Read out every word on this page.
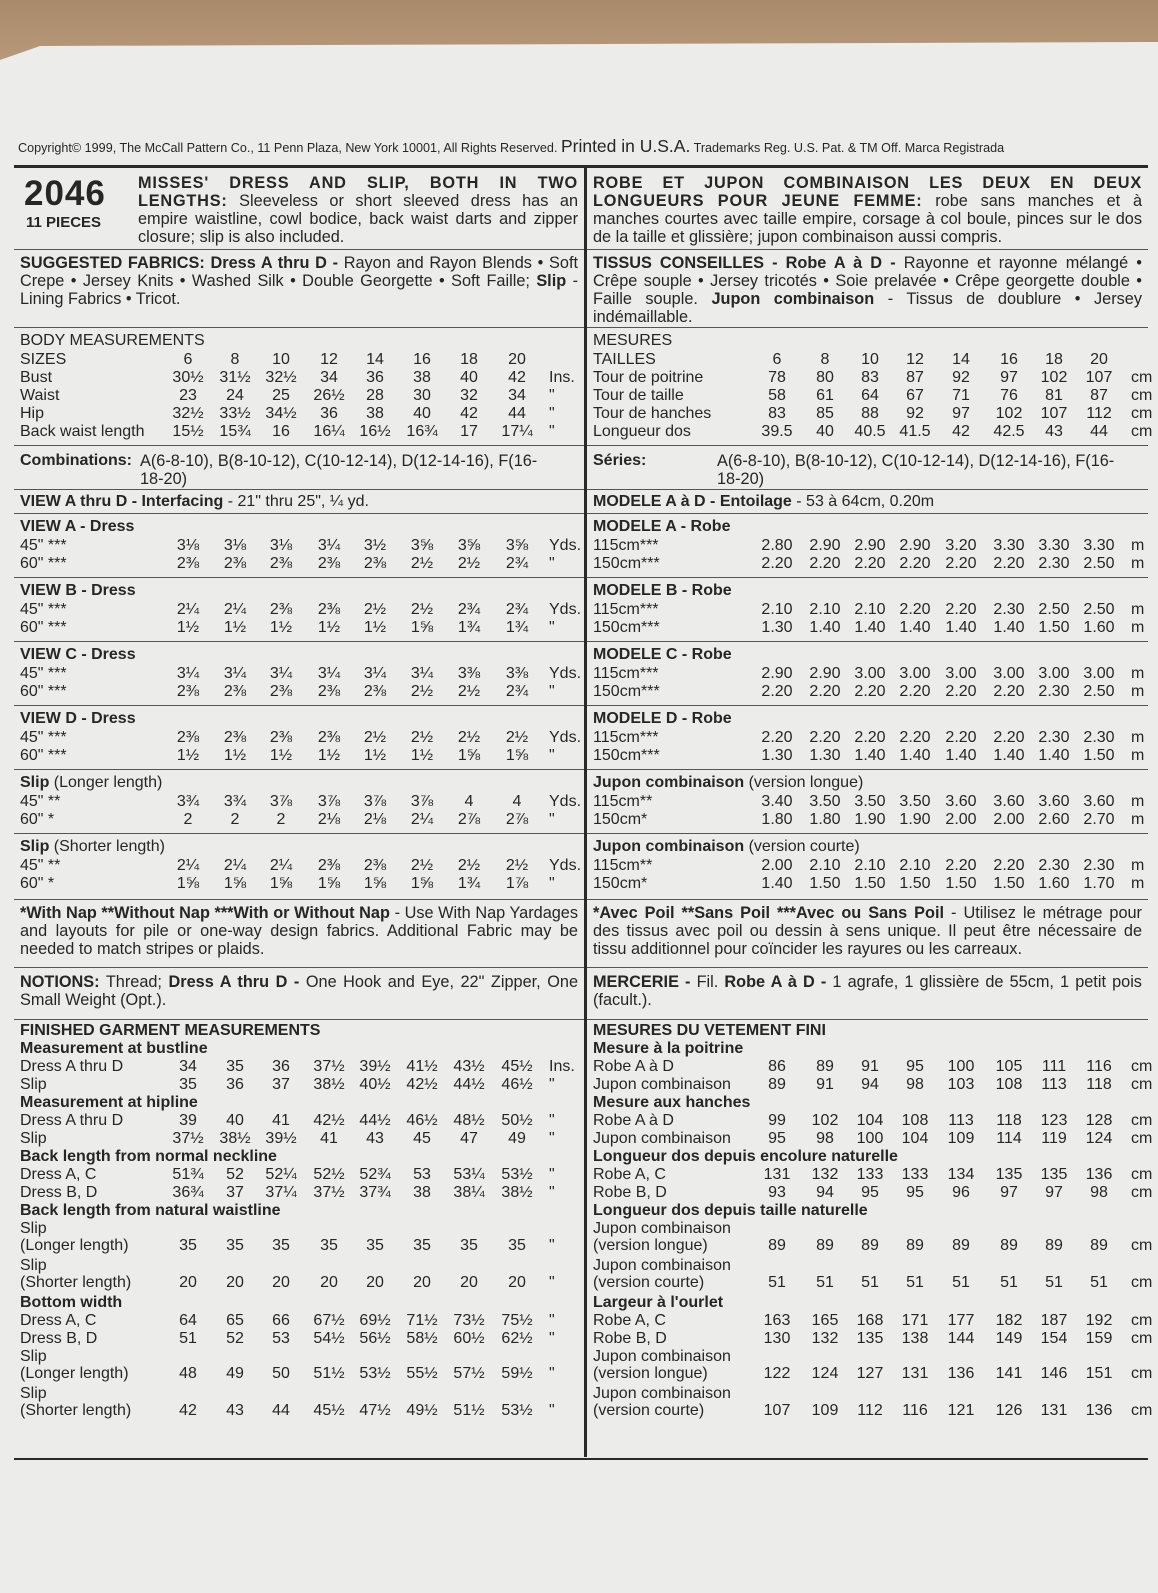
Copyright© 1999, The McCall Pattern Co., 11 Penn Plaza, New York 10001, All Rights Reserved. Printed in U.S.A. Trademarks Reg. U.S. Pat. & TM Off. Marca Registrada
2046
11 PIECES

MISSES' DRESS AND SLIP, BOTH IN TWO LENGTHS: Sleeveless or short sleeved dress has an empire waistline, cowl bodice, back waist darts and zipper closure; slip is also included.

SUGGESTED FABRICS: Dress A thru D - Rayon and Rayon Blends • Soft Crepe • Jersey Knits • Washed Silk • Double Georgette • Soft Faille; Slip - Lining Fabrics • Tricot.

BODY MEASUREMENTS
SIZES	6	8	10	12	14	16	18	20
Bust	30½ 31½ 32½	34	36	38	40	42	Ins.
Waist	23	24	25	26½	28	30	32	34	"
Hip	32½ 33½ 34½	36	38	40	42	44	"
Back waist length	15½ 15¾	16	16¼ 16½ 16¾	17	17¼	"
Combinations: A(6-8-10), B(8-10-12), C(10-12-14), D(12-14-16), F(16-18-20)
VIEW A thru D - Interfacing - 21" thru 25", ¼ yd.
VIEW A - Dress
45" ***	3⅛	3⅛	3⅛	3¼	3½	3⅝	3⅝	3⅝	Yds.
60" ***	2⅜	2⅜	2⅜	2⅜	2⅜	2½	2½	2¾	"
VIEW B - Dress
45" ***	2¼	2¼	2⅜	2⅜	2½	2½	2¾	2¾	Yds.
60" ***	1½	1½	1½	1½	1½	1⅝	1¾	1¾	"
VIEW C - Dress
45" ***	3¼	3¼	3¼	3¼	3¼	3¼	3⅜	3⅜	Yds.
60" ***	2⅜	2⅜	2⅜	2⅜	2⅜	2½	2½	2¾	"
VIEW D - Dress
45" ***	2⅜	2⅜	2⅜	2⅜	2½	2½	2½	2½	Yds.
60" ***	1½	1½	1½	1½	1½	1½	1⅝	1⅝	"
Slip (Longer length)
45" **	3¾	3¾	3⅞	3⅞	3⅞	3⅞	4	4	Yds.
60" *	2	2	2	2⅛	2⅛	2¼	2⅞	2⅞	"
Slip (Shorter length)
45" **	2¼	2¼	2¼	2⅜	2⅜	2½	2½	2½	Yds.
60" *	1⅝	1⅝	1⅝	1⅝	1⅝	1⅝	1¾	1⅞	"

*With Nap **Without Nap ***With or Without Nap - Use With Nap Yardages and layouts for pile or one-way design fabrics. Additional Fabric may be needed to match stripes or plaids.

NOTIONS: Thread; Dress A thru D - One Hook and Eye, 22" Zipper, One Small Weight (Opt.).

FINISHED GARMENT MEASUREMENTS
Measurement at bustline
Dress A thru D	34	35	36	37½ 39½ 41½ 43½	45½	Ins.
Slip	35	36	37	38½ 40½ 42½ 44½	46½	"
Measurement at hipline
Dress A thru D	39	40	41	42½ 44½ 46½ 48½	50½	"
Slip	37½ 38½ 39½	41	43	45	47	49	"
Back length from normal neckline
Dress A, C	51¾	52	52¼	52½ 52¾	53	53¼	53½	"
Dress B, D	36¾	37	37¼	37½ 37¾	38	38¼	38½	"
Back length from natural waistline
Slip
(Longer length)	35	35	35	35	35	35	35	35	"
Slip
(Shorter length)	20	20	20	20	20	20	20	20	"
Bottom width
Dress A, C	64	65	66	67½ 69½ 71½ 73½	75½	"
Dress B, D	51	52	53	54½ 56½ 58½ 60½	62½	"
Slip
(Longer length)	48	49	50	51½ 53½ 55½ 57½	59½	"
Slip
(Shorter length)	42	43	44	45½ 47½ 49½ 51½	53½	"

ROBE ET JUPON COMBINAISON LES DEUX EN DEUX LONGUEURS POUR JEUNE FEMME: robe sans manches et à manches courtes avec taille empire, corsage à col boule, pinces sur le dos de la taille et glissière; jupon combinaison aussi compris.

TISSUS CONSEILLES - Robe A à D - Rayonne et rayonne mélangé • Crêpe souple • Jersey tricotés • Soie prelavée • Crêpe georgette double • Faille souple. Jupon combinaison - Tissus de doublure • Jersey indémaillable.

MESURES
TAILLES	6	8	10	12	14	16	18	20
Tour de poitrine	78	80	83	87	92	97	102	107	cm
Tour de taille	58	61	64	67	71	76	81	87	cm
Tour de hanches	83	85	88	92	97	102	107	112	cm
Longueur dos	39.5	40	40.5 41.5	42	42.5	43	44	cm
Séries:	A(6-8-10), B(8-10-12), C(10-12-14), D(12-14-16), F(16-18-20)
MODELE A à D - Entoilage - 53 à 64cm, 0.20m
MODELE A - Robe
115cm***	2.80	2.90 2.90 2.90 3.20	3.30 3.30 3.30	m
150cm***	2.20	2.20 2.20 2.20 2.20	2.20 2.30 2.50	m
MODELE B - Robe
115cm***	2.10	2.10 2.10 2.20 2.20	2.30 2.50 2.50	m
150cm***	1.30	1.40 1.40 1.40 1.40	1.40 1.50 1.60	m
MODELE C - Robe
115cm***	2.90	2.90 3.00 3.00 3.00	3.00 3.00 3.00	m
150cm***	2.20	2.20 2.20 2.20 2.20	2.20 2.30 2.50	m
MODELE D - Robe
115cm***	2.20	2.20 2.20 2.20 2.20	2.20 2.30 2.30	m
150cm***	1.30	1.30 1.40 1.40 1.40	1.40 1.40 1.50	m
Jupon combinaison (version longue)
115cm**	3.40	3.50 3.50 3.50 3.60	3.60 3.60 3.60	m
150cm*	1.80	1.80 1.90 1.90 2.00	2.00 2.60 2.70	m
Jupon combinaison (version courte)
115cm**	2.00	2.10 2.10 2.10 2.20	2.20 2.30 2.30	m
150cm*	1.40	1.50 1.50 1.50 1.50	1.50 1.60 1.70	m

*Avec Poil **Sans Poil ***Avec ou Sans Poil - Utilisez le métrage pour des tissus avec poil ou dessin à sens unique. Il peut être nécessaire de tissu additionnel pour coïncider les rayures ou les carreaux.

MERCERIE - Fil. Robe A à D - 1 agrafe, 1 glissière de 55cm, 1 petit pois (facult.).

MESURES DU VETEMENT FINI
Mesure à la poitrine
Robe A à D	86	89	91	95	100	105	111	116	cm
Jupon combinaison	89	91	94	98	103	108	113	118	cm
Mesure aux hanches
Robe A à D	99	102	104	108	113	118	123	128	cm
Jupon combinaison	95	98	100	104	109	114	119	124	cm
Longueur dos depuis encolure naturelle
Robe A, C	131	132	133	133	134	135	135	136	cm
Robe B, D	93	94	95	95	96	97	97	98	cm
Longueur dos depuis taille naturelle
Jupon combinaison
(version longue)	89	89	89	89	89	89	89	89	cm
Jupon combinaison
(version courte)	51	51	51	51	51	51	51	51	cm
Largeur à l'ourlet
Robe A, C	163	165	168	171	177	182	187	192	cm
Robe B, D	130	132	135	138	144	149	154	159	cm
Jupon combinaison
(version longue)	122	124	127	131	136	141	146	151	cm
Jupon combinaison
(version courte)	107	109	112	116	121	126	131	136	cm
